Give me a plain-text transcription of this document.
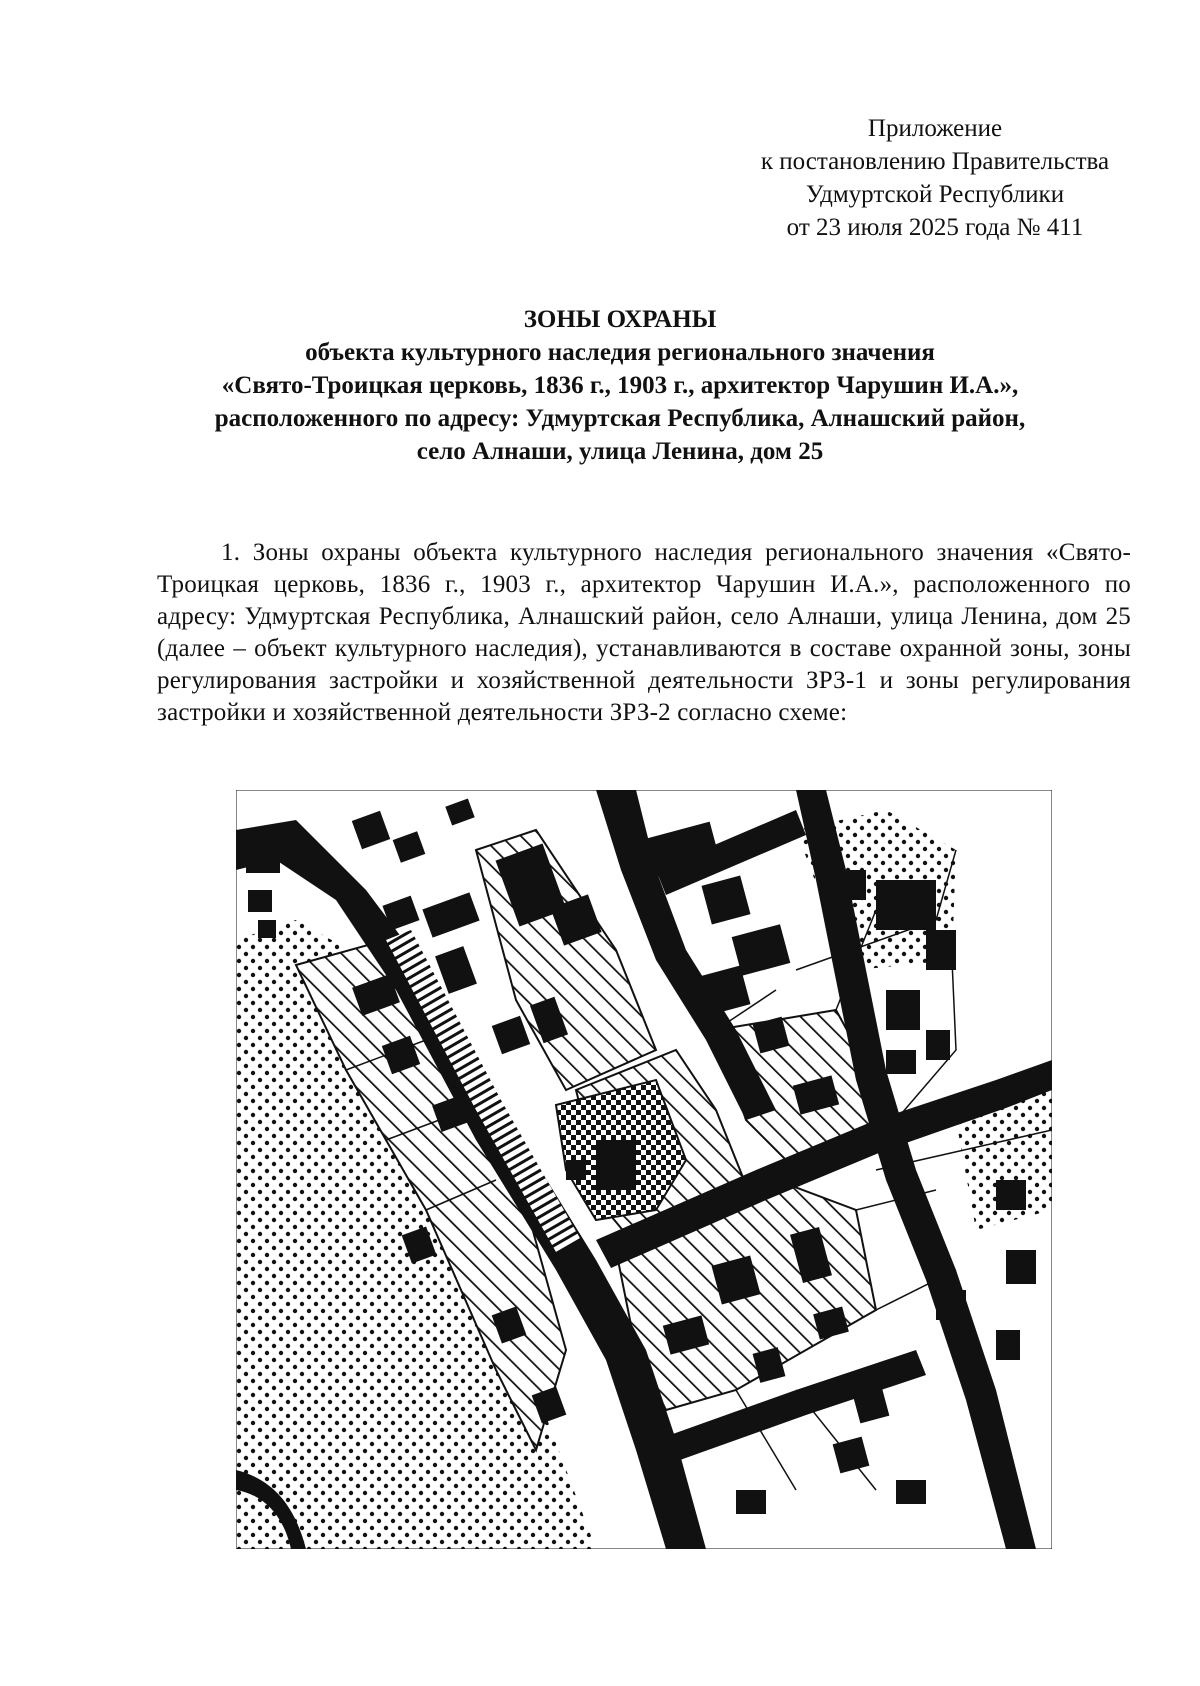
Приложение
к постановлению Правительства
Удмуртской Республики
от 23 июля 2025 года № 411
ЗОНЫ ОХРАНЫ
объекта культурного наследия регионального значения
«Свято-Троицкая церковь, 1836 г., 1903 г., архитектор Чарушин И.А.»,
расположенного по адресу: Удмуртская Республика, Алнашский район,
село Алнаши, улица Ленина, дом 25
1. Зоны охраны объекта культурного наследия регионального значения «Свято-Троицкая церковь, 1836 г., 1903 г., архитектор Чарушин И.А.», расположенного по адресу: Удмуртская Республика, Алнашский район, село Алнаши, улица Ленина, дом 25 (далее – объект культурного наследия), устанавливаются в составе охранной зоны, зоны регулирования застройки и хозяйственной деятельности ЗРЗ-1 и зоны регулирования застройки и хозяйственной деятельности ЗРЗ-2 согласно схеме:
